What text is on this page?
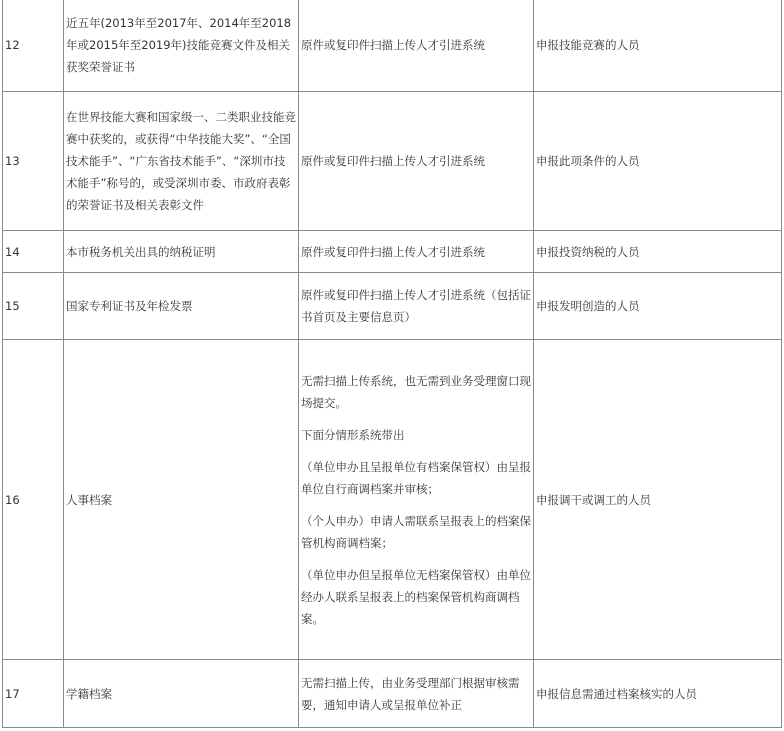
12	近五年(2013年至2017年、2014年至2018年或2015年至2019年)技能竞赛文件及相关获奖荣誉证书	原件或复印件扫描上传人才引进系统	申报技能竞赛的人员
13	在世界技能大赛和国家级一、二类职业技能竞赛中获奖的，或获得“中华技能大奖”、“全国技术能手”、“广东省技术能手”、“深圳市技术能手”称号的，或受深圳市委、市政府表彰的荣誉证书及相关表彰文件	原件或复印件扫描上传人才引进系统	申报此项条件的人员
14	本市税务机关出具的纳税证明	原件或复印件扫描上传人才引进系统	申报投资纳税的人员
15	国家专利证书及年检发票	原件或复印件扫描上传人才引进系统（包括证书首页及主要信息页）	申报发明创造的人员
16	人事档案	无需扫描上传系统，也无需到业务受理窗口现场提交。
下面分情形系统带出
（单位申办且呈报单位有档案保管权）由呈报单位自行商调档案并审核；
（个人申办）申请人需联系呈报表上的档案保管机构商调档案；
（单位申办但呈报单位无档案保管权）由单位经办人联系呈报表上的档案保管机构商调档案。	申报调干或调工的人员
17	学籍档案	无需扫描上传，由业务受理部门根据审核需要，通知申请人或呈报单位补正	申报信息需通过档案核实的人员
